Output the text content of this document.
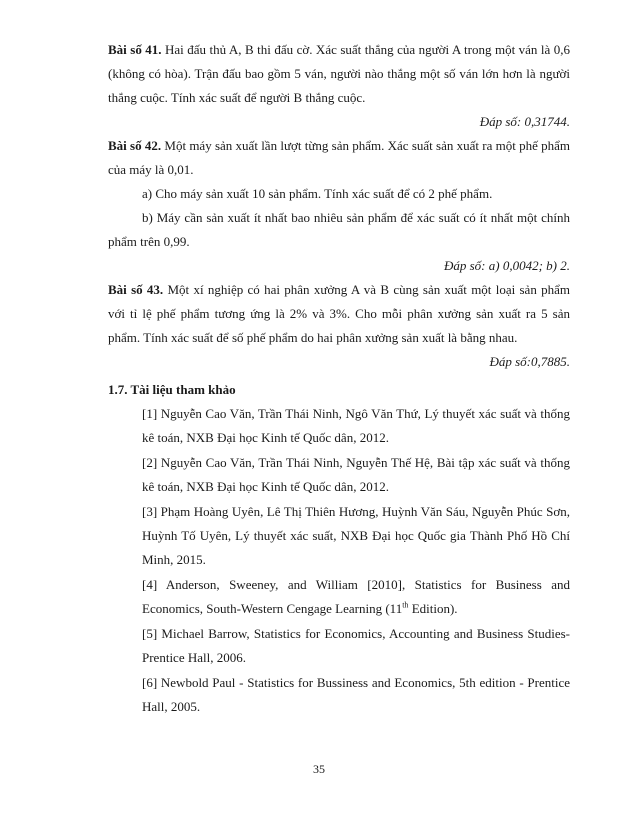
Bài số 41. Hai đấu thủ A, B thi đấu cờ. Xác suất thắng của người A trong một ván là 0,6 (không có hòa). Trận đấu bao gồm 5 ván, người nào thắng một số ván lớn hơn là người thắng cuộc. Tính xác suất để người B thắng cuộc.

Đáp số: 0,31744.

Bài số 42. Một máy sản xuất lần lượt từng sản phẩm. Xác suất sản xuất ra một phế phẩm của máy là 0,01.

a) Cho máy sản xuất 10 sản phẩm. Tính xác suất để có 2 phế phẩm.

b) Máy cần sản xuất ít nhất bao nhiêu sản phẩm để xác suất có ít nhất một chính phẩm trên 0,99.

Đáp số: a) 0,0042; b) 2.

Bài số 43. Một xí nghiệp có hai phân xưởng A và B cùng sản xuất một loại sản phẩm với tỉ lệ phế phẩm tương ứng là 2% và 3%. Cho mỗi phân xưởng sản xuất ra 5 sản phẩm. Tính xác suất để số phế phẩm do hai phân xưởng sản xuất là bằng nhau.

Đáp số:0,7885.

1.7. Tài liệu tham khảo

[1] Nguyễn Cao Văn, Trần Thái Ninh, Ngô Văn Thứ, Lý thuyết xác suất và thống kê toán, NXB Đại học Kinh tế Quốc dân, 2012.

[2] Nguyễn Cao Văn, Trần Thái Ninh, Nguyễn Thế Hệ, Bài tập xác suất và thống kê toán, NXB Đại học Kinh tế Quốc dân, 2012.

[3] Phạm Hoàng Uyên, Lê Thị Thiên Hương, Huỳnh Văn Sáu, Nguyễn Phúc Sơn, Huỳnh Tố Uyên, Lý thuyết xác suất, NXB Đại học Quốc gia Thành Phố Hồ Chí Minh, 2015.

[4] Anderson, Sweeney, and William [2010], Statistics for Business and Economics, South-Western Cengage Learning (11th Edition).

[5] Michael Barrow, Statistics for Economics, Accounting and Business Studies- Prentice Hall, 2006.

[6] Newbold Paul - Statistics for Bussiness and Economics, 5th edition - Prentice Hall, 2005.

35
